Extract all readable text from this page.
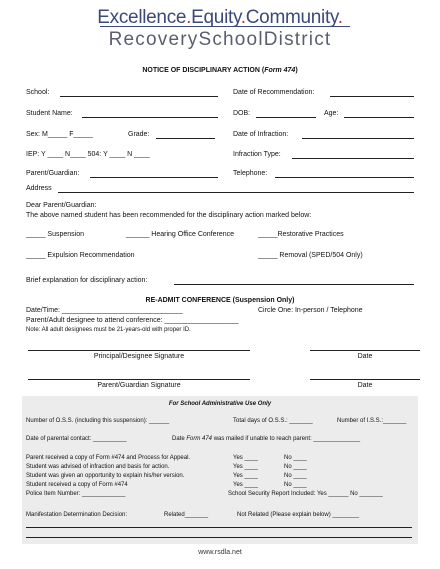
Excellence.Equity.Community.
RecoverySchoolDistrict
NOTICE OF DISCIPLINARY ACTION (Form 474)
School:	Date of Recommendation:
Student Name:	DOB:	Age:
Sex: M_____ F_____	Grade:	Date of Infraction:
IEP: Y ____ N____ 504: Y ____ N ____	Infraction Type:
Parent/Guardian:	Telephone:
Address
Dear Parent/Guardian:
The above named student has been recommended for the disciplinary action marked below:
_____ Suspension	______ Hearing Office Conference	_____Restorative Practices
_____ Expulsion Recommendation	_____ Removal (SPED/504 Only)
Brief explanation for disciplinary action:
RE-ADMIT CONFERENCE (Suspension Only)
Date/Time: _______________________________	Circle One: In-person / Telephone
Parent/Adult designee to attend conference: ___________________
Note: All adult designees must be 21-years-old with proper ID.
Principal/Designee Signature	Date
Parent/Guardian Signature	Date
For School Administrative Use Only
Number of O.S.S. (including this suspension): ______	Total days of O.S.S.: _______	Number of I.S.S.:_______
Date of parental contact: __________	Date Form 474 was mailed if unable to reach parent: ______________
Parent received a copy of Form #474 and Process for Appeal.	Yes ____	No ____
Student was advised of infraction and basis for action.	Yes ____	No ____
Student was given an opportunity to explain his/her version.	Yes ____	No ____
Student received a copy of Form #474	Yes ____	No ____
Police Item Number: _____________	School Security Report Included: Yes ______ No _______
Manifestation Determination Decision:	Related_______	Not Related (Please explain below) ________
www.rsdla.net
